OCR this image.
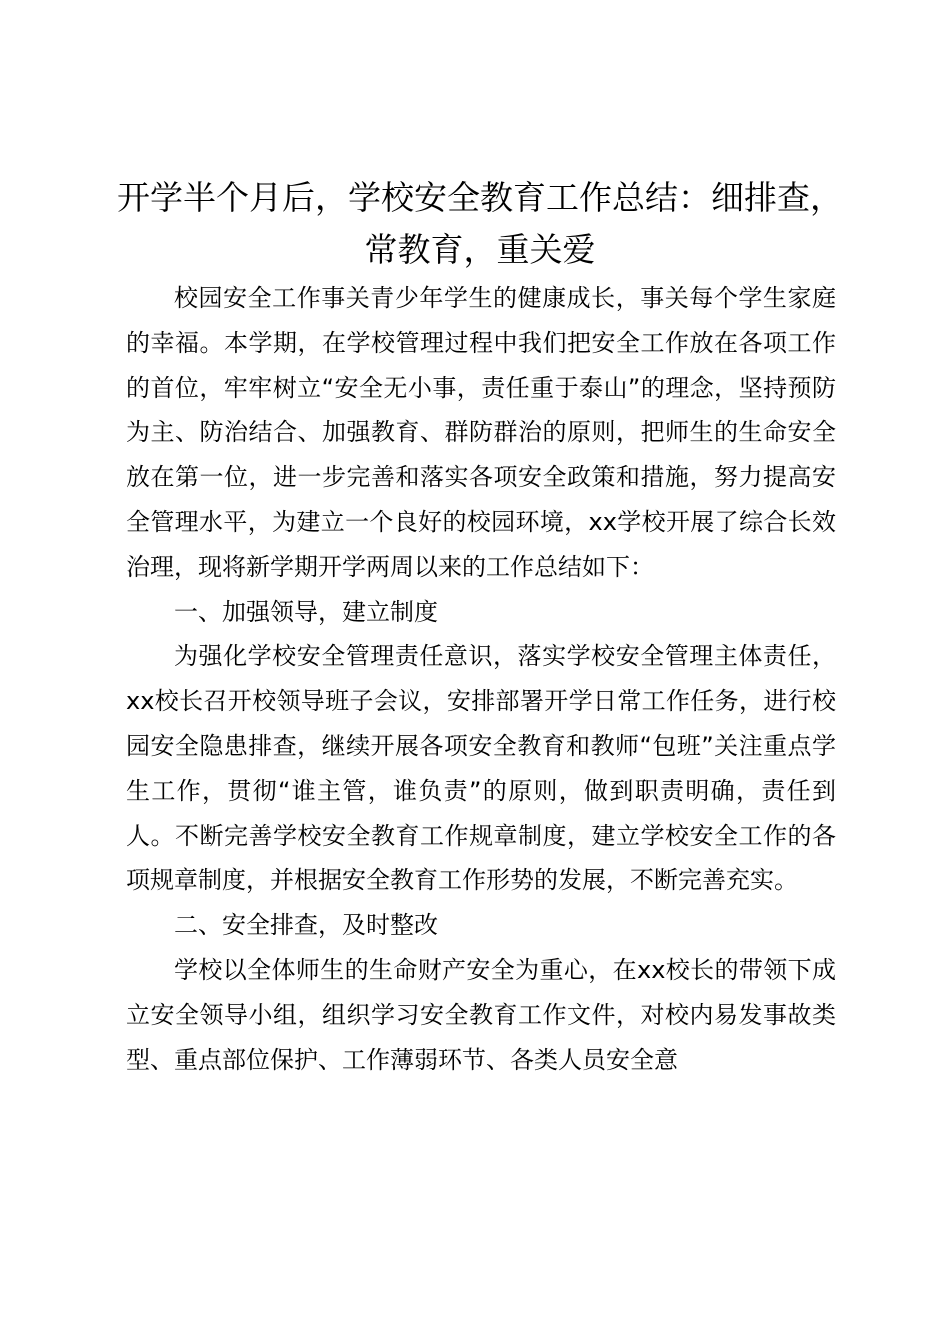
开学半个月后，学校安全教育工作总结：细排查，常教育，重关爱

校园安全工作事关青少年学生的健康成长，事关每个学生家庭的幸福。本学期，在学校管理过程中我们把安全工作放在各项工作的首位，牢牢树立“安全无小事，责任重于泰山”的理念，坚持预防为主、防治结合、加强教育、群防群治的原则，把师生的生命安全放在第一位，进一步完善和落实各项安全政策和措施，努力提高安全管理水平，为建立一个良好的校园环境，xx学校开展了综合长效治理，现将新学期开学两周以来的工作总结如下：

一、加强领导，建立制度

为强化学校安全管理责任意识，落实学校安全管理主体责任，xx校长召开校领导班子会议，安排部署开学日常工作任务，进行校园安全隐患排查，继续开展各项安全教育和教师“包班”关注重点学生工作，贯彻“谁主管，谁负责”的原则，做到职责明确，责任到人。不断完善学校安全教育工作规章制度，建立学校安全工作的各项规章制度，并根据安全教育工作形势的发展，不断完善充实。

二、安全排查，及时整改

学校以全体师生的生命财产安全为重心，在xx校长的带领下成立安全领导小组，组织学习安全教育工作文件，对校内易发事故类型、重点部位保护、工作薄弱环节、各类人员安全意
